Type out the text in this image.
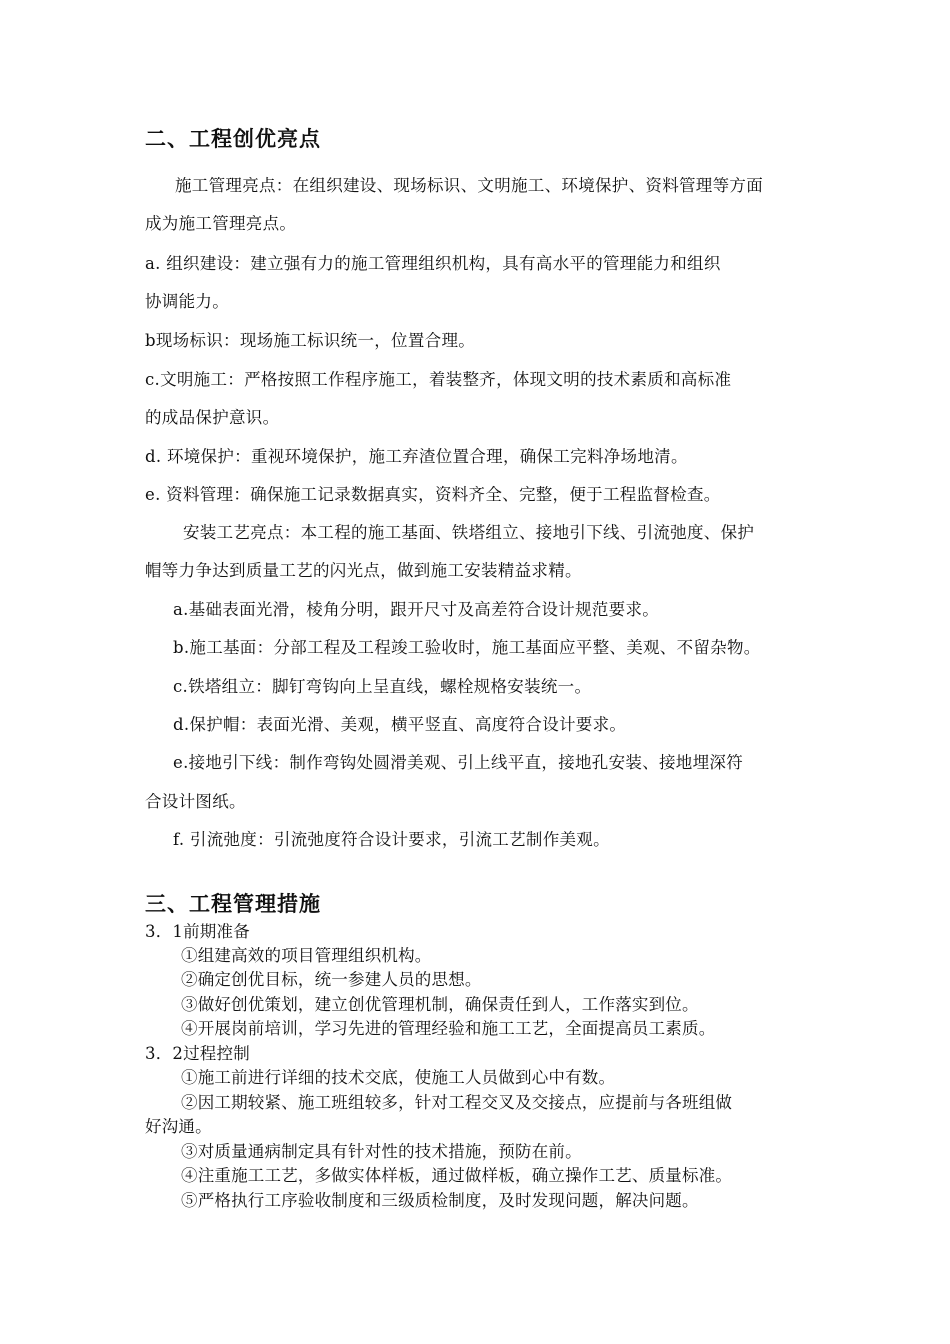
二、工程创优亮点

施工管理亮点：在组织建设、现场标识、文明施工、环境保护、资料管理等方面

成为施工管理亮点。

a. 组织建设：建立强有力的施工管理组织机构，具有高水平的管理能力和组织

协调能力。

b现场标识：现场施工标识统一，位置合理。

c.文明施工：严格按照工作程序施工，着装整齐，体现文明的技术素质和高标准

的成品保护意识。

d. 环境保护：重视环境保护，施工弃渣位置合理，确保工完料净场地清。

e. 资料管理：确保施工记录数据真实，资料齐全、完整，便于工程监督检查。

安装工艺亮点：本工程的施工基面、铁塔组立、接地引下线、引流弛度、保护

帽等力争达到质量工艺的闪光点，做到施工安装精益求精。

a.基础表面光滑，棱角分明，跟开尺寸及高差符合设计规范要求。

b.施工基面：分部工程及工程竣工验收时，施工基面应平整、美观、不留杂物。

c.铁塔组立：脚钉弯钩向上呈直线，螺栓规格安装统一。

d.保护帽：表面光滑、美观，横平竖直、高度符合设计要求。

e.接地引下线：制作弯钩处圆滑美观、引上线平直，接地孔安装、接地埋深符

合设计图纸。

f. 引流弛度：引流弛度符合设计要求，引流工艺制作美观。

三、工程管理措施

3．1前期准备

①组建高效的项目管理组织机构。

②确定创优目标，统一参建人员的思想。

③做好创优策划，建立创优管理机制，确保责任到人，工作落实到位。

④开展岗前培训，学习先进的管理经验和施工工艺，全面提高员工素质。

3．2过程控制

①施工前进行详细的技术交底，使施工人员做到心中有数。

②因工期较紧、施工班组较多，针对工程交叉及交接点，应提前与各班组做

好沟通。

③对质量通病制定具有针对性的技术措施，预防在前。

④注重施工工艺，多做实体样板，通过做样板，确立操作工艺、质量标准。

⑤严格执行工序验收制度和三级质检制度，及时发现问题，解决问题。
